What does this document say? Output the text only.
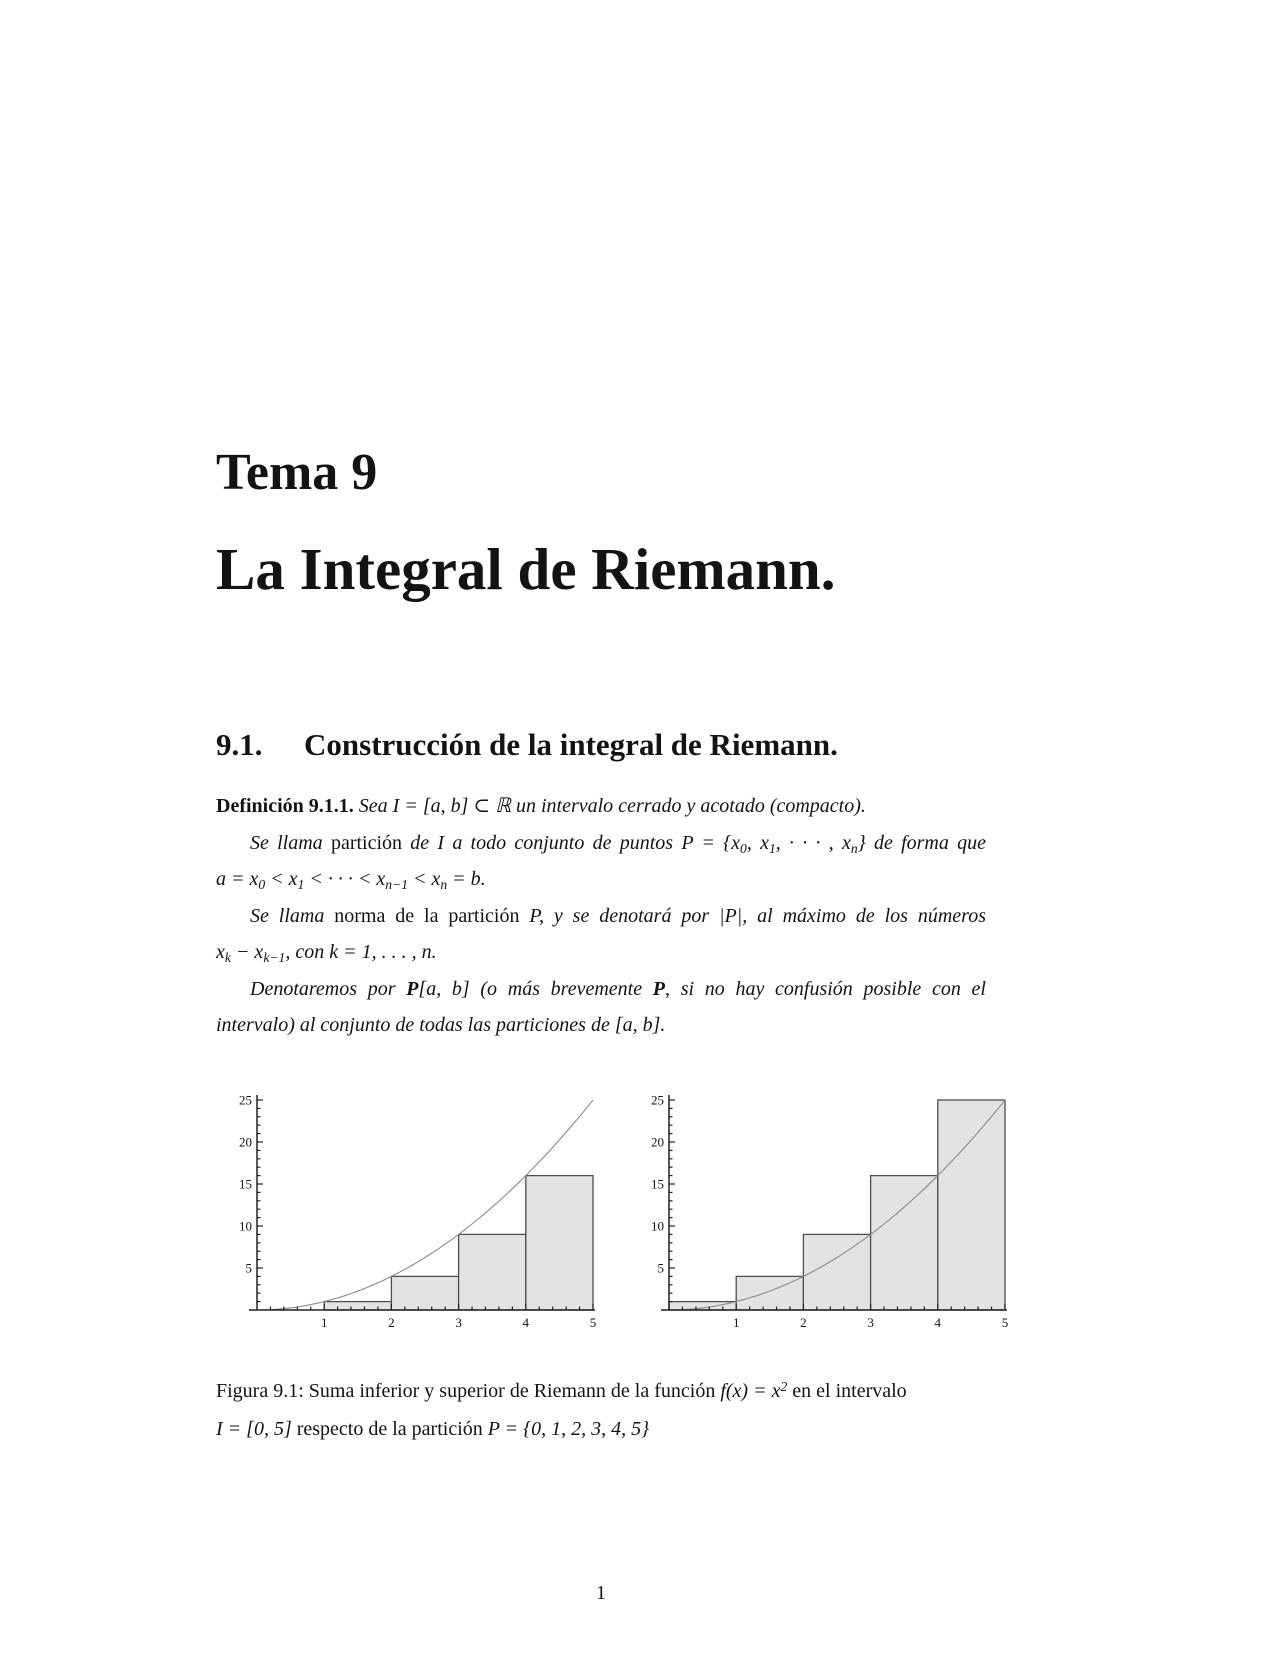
Tema 9
La Integral de Riemann.
9.1.	Construcción de la integral de Riemann.
Definición 9.1.1. Sea I = [a, b] ⊂ ℝ un intervalo cerrado y acotado (compacto).
Se llama partición de I a todo conjunto de puntos $P = \{x_0$, $x_1$, · · · , $x_n$} de forma que
$a = x_0 < x_1$ < · · · < $x_{n-1} < x_n = b$.
Se llama norma de la partición P, y se denotará por |P|, al máximo de los números
$x_k - x_{k-1}$, con k = 1, . . . , n.
Denotaremos por P[a, b] (o más brevemente P, si no hay confusión posible con el
intervalo) al conjunto de todas las particiones de [a, b].
5
10
15
20
25
1	2	3	4	5
5
10
15
20
25
1	2	3	4	5
Figura 9.1: Suma inferior y superior de Riemann de la función $f(x) = x^2$ en el intervalo
I = [0, 5] respecto de la partición P = {0, 1, 2, 3, 4, 5}
1
